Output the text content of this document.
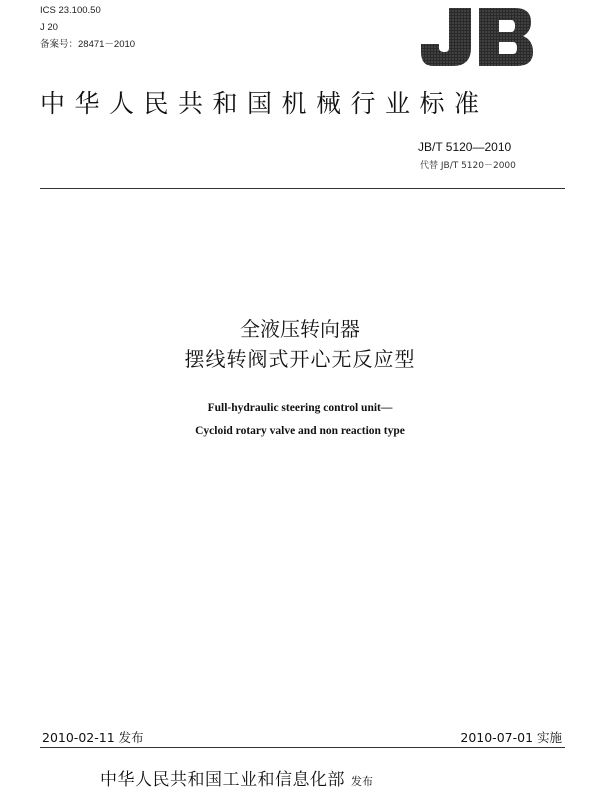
ICS 23.100.50
J 20
备案号：28471－2010
中华人民共和国机械行业标准
JB/T 5120—2010
代替 JB/T 5120－2000
全液压转向器
摆线转阀式开心无反应型
Full-hydraulic steering control unit—
Cycloid rotary valve and non reaction type
2010-02-11 发布	2010-07-01 实施
中华人民共和国工业和信息化部 发布
